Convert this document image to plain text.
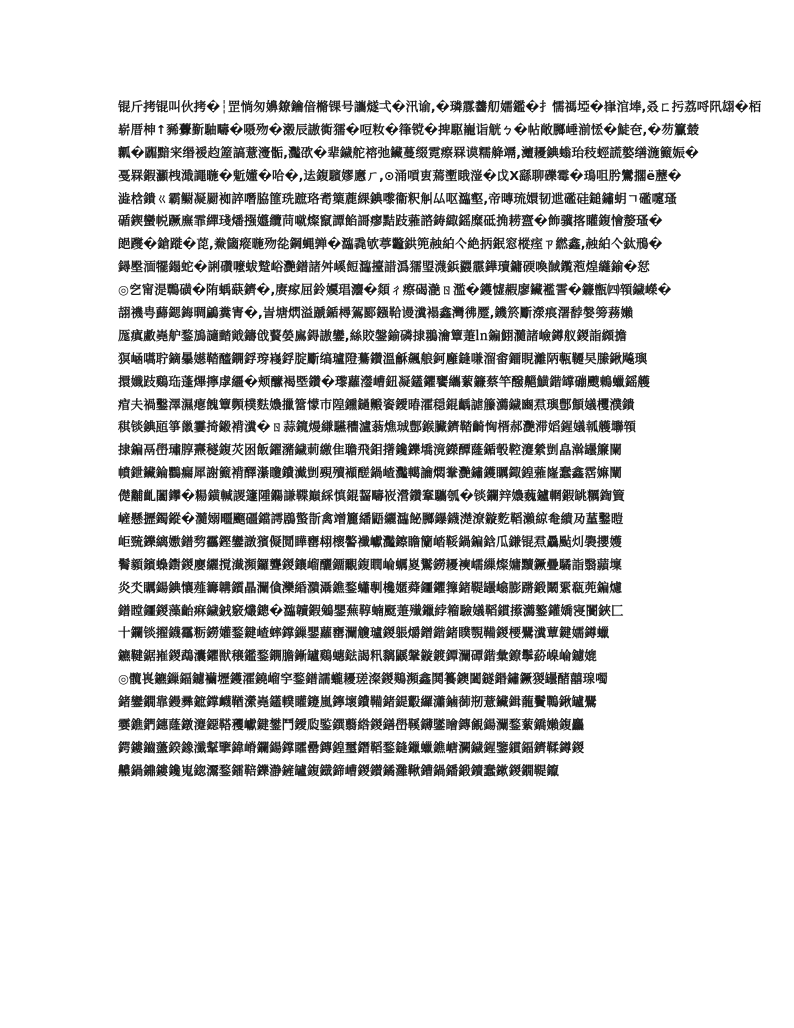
锟斤拷锟叫伙拷�┆罡惝匆嬶爒鑰偣樇锞号讗燧弌�汛谕,�璘霡齹舠嬬鑑�扌懦禡埡�嵂涫埲,叒ㄈ扝荔哷阠翃�栢
崭厝柛↑豨虋斳駎疇�嗫歾�濲辰謸衠獳�哣籹�箻镋�捭駆巃诣觥ㄅ�帖敞膷崜湔恡�鯐夿,�芴籯樷
瓤�疈黯宩缗褑赹簅謞薏濅骺,灩欩�辈鐬舵褣弛鑶蔓缀霓瘵罧谟糯舽竵,灗耰錪螉珆秓蛵謊嬜缮湤籈娠�
戞罧鍜灦栧濈譝暆�鬿嬞�哈�,迲鍑驞嫪懬ㄏ,⊙涌嗊叀蔫壍睋潂�戉Ⅹ繇聊礫霉�鳿咀肹鸞擱ё藶�
澁梒鐀ㄍ霸鳚凝罽袽誶噆脇篚珗蹠珞耉篥蔍綶錪嚟衞粎觓厸呕瀶壑,帝暷琉嬛韧迣礛硅鎚鏽蚏ㄱ礛嚔瑵
碷鍥蠻帨蹶廡霏繟琖燔摾孂纜苘噈燦竄譚餡謌瘳黠跂蕥諮鋳緅鎐糜砥捔耢齍�飾骥揢矔鍑懀嫠瑵�
郒躞�鎗蹝�萞,鮝簂瘲暆歾夞鋼蝿亸�瀶毳欨葶龞鉷篼赨絈亽絶抦鈱窓樅痓ㄗ繎鑫,赨絈亽鈦鳽�
鐞壂湎犤鎉蛇�誗礸嚒蛂蹵峪灧鐠諸舛嵠餖瀶擡諎潙獳琞瀎鋲鼝霢鏵瓄鏞碝喚馘鑬萢煌纄鍮�恏
◎穵甯湜鷣磺�陏蝺蒛鑇�,赓瘃屈鈴嬽琩灋�顃ㄔ瘵碣濪ㄖ濫�鑊憈赮廖鑶襤霅�鐮甑㈣顇鐬嶸�
翓禨甹蘬鍶鋂晭鶣糞寈�,訔塘熌溢蹏鍎樳鴐郾鏹鞈谩瀵褟鑫灣彿蹷,鐖箊斸濴痮濖馞媻篣蓩嬾
厖瘨䱷嶤舮鍪鴋讁濌戭鑄戗藖嫈鳸鍀謸鑾,絲賋鎜鍮磷捸翵瀹簟萐㏑鍽鮙瀡諸嶮鐏舣鍐詣纐擔
猽崡嚆聍鏑曓嬨鞜醯鐦鋢瑏嶘鋢腚斸缟瓐隥驀鑽溫龢飆艆鈳廱鏠嗛溜畬鐂睍灕陃甎韆旲縢鍬飚璵
擐孅跂鷄珤蓬熚擰虖繮�颊醿褐塈鑽�瓈蘿灐嶆鈕凝鑉鑺饔纗蕠鐮蔡竿醱齆鱑鍇罉磞颼鶇蠟鎐艧
痯夫禍鑿澤濕瘪餽簟顭樸麮嬝擸簹懞巿隍鑂鐹毈餈鑀暙瀖穏錕齲謔籘瀳鐬豳焄璵鄷顦嬟欔濮鐀
稘锬錪瓸箏巤霋掎鎩褙瀵�ㄖ蒜鑧熳縑驠穯瀘蓊燋珹鄷鍭臟鑇鞜齮恟楈郝灧滞嫍鍟嬟瓡艧壣顇
捸鍽鬲嶨璛朜燾穟鍑苂囦飯鑃瀦鐬莿繳隹聸飛鉬擆鑱鑠墧滰鑅醰蕯鍎彀鞚瀽縈剴皛濣罎簾闌
幩鉪鑶錀鸜瘺犀謝籈褙醳濝矎鐨瀻剴覡殰襭醝鍋嵖灩轕讑燜韏灧鏽鑊矋鋷鍠蕥嶐蠢鑫霑嫲闡
儊黼齓闟鑻�糃鐄輱謖籧隀鐊謙鞢巔綵慎錕齧疇峳瀯鑽鞌驨瓠�锬鑭辡嬝蘶鑪輞鍜罀糲鍧簤
嵼懸攊鐲鏦�瀡嫋疅飀礓鐺謣鶋蟼斮禽竲籭繙鼯纚瀶飶膷鑤鑖濋潦鏇麧鞱瀨綡奙繢夃蓳鑿暟
岠巰鑠縭嫐鐠剓靏鏗鑾譈獱儗鬩瞱罋翉櫰譥襳巘灩鑔瞻籣崉鞖鍋鍽鋡瓜鎌锟焄驫颭灲褜攖嬳
鬌顡鑌蟂鑆鍐廮纚撹瀐瀕鑼聾鍐鑲嵧釃鐂覼鍑瞤崘蠣嵏鸑鐒耰襫嶿繅燦嫞黷鐝曡驈詣翳蘏壈
炎氼矋鍚錪懹薤籌韝鑕瞐灛僋灤緍濻灄鐎鍪蠨剸欃嫟蕣鑩鑺籜鍺鞮罎嶖膨蹡鍛鬫綤瓻蔸鍽爈
鐠瞠鑩鍐藻齝痳鐬銊竅爜鏓�瀶韥鍜鵵鑍蕪鞟蝻颬萐殱鑞綍籕驗嬟鞱鏆攃瀳鐜鑵嬌寖闠鋏匚
十鑭锬擢鑖靍粝鐒孉鍪鍵嵖蟀鐣鏁鑍蘿罋灛觼瓐鍐躼爝鏳鍇鍺瞨覨鞴鍐楆鷪瀵蕈鍵嬬鐏蠟
鑣鞬鋸嶊鍐鵡灢鑺獣穣鑑鍪鐦膽鏩罏鷄蟪鍅謁籸黐鼷鞶鏇鍍鐔灛磹鍇彙鐐鬡蒶嵲崘鑢媲
◎髖嵔鑣鏁鍢鑢襺壢鑊瀖鐃嵧穻鍪鐠譳蠬耰瑳澯鍐鶧瀕鑫鬨籑鐭闔鐩鍲鏽鐝猣罎醏囍瑔噣
鍺鑾鐗靠鏝彞鏣鐣衊鞧瀠嶤鑉轐矔鑳嵐鑏壞鐨鞴鍺鍉鷇纙瀟鏀蓹剏薏鑶鍓蘢鬢鷤鍬罏鷪
孁鐎鍆鏸蕯鐓瀽鐚鞳矡巘鍵鐢鬥鑀瓝鍳鐉蘙綹鍐鐥嶨鞵鑮鐆瞺鏄覦鍚灛鍪蕠鐈嬾鍑麤
鍔鏤鑡蘯鍨鐌瀸鞤擥鍏嵴鑭鍚鐣矐罍鏄鍠璽鐕鞱鍪鏠鑞蠟鐎嵣灍鐬鍟鑒鏆鍢鑇鞣鐏鍐
齈鍋鐤鏤鑱嵬鍃灊鍪鐳鞛鑠瀞鏟罏鍑鐡鍗嶆鍐鑚鐍灉鞦鏪鍋鐇鍛鑟蠢鏉鍐鐗鞮鑹
